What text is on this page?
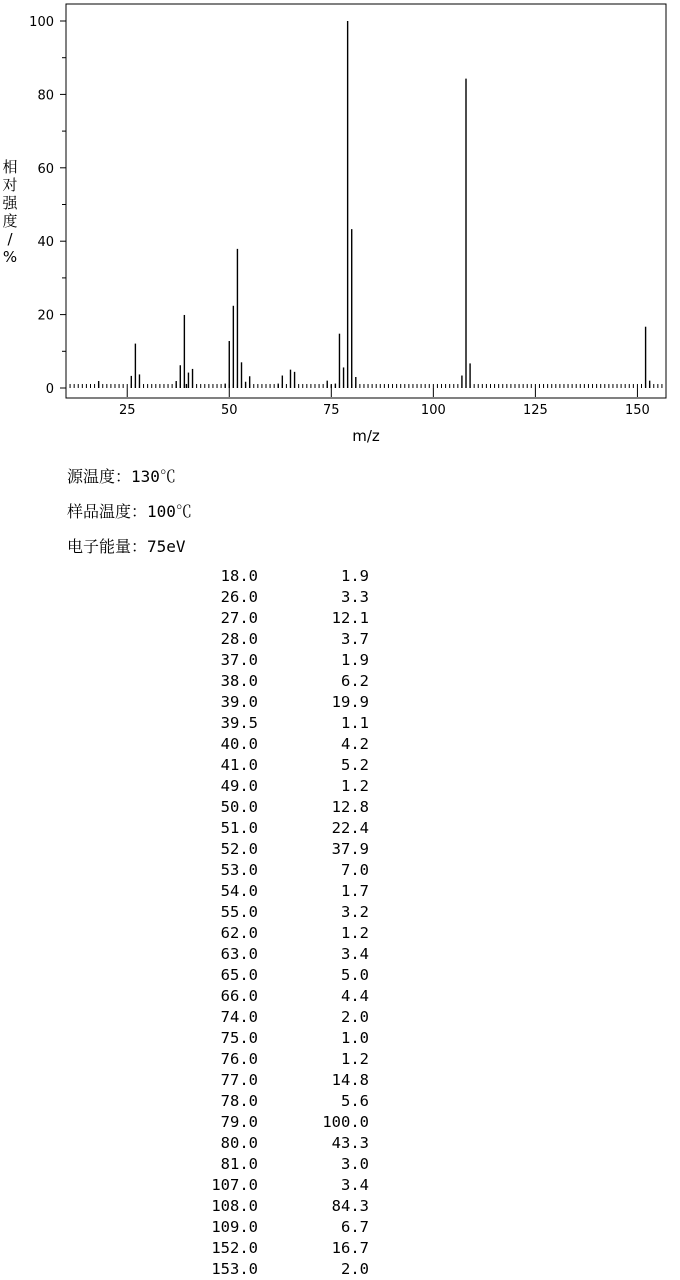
25	50	75	100	125	150
0
20
40
60
80
100
m/z
相
对
强
度
/
%
源温度：130℃
样品温度：100℃
电子能量：75eV
18.0	1.9
26.0	3.3
27.0	12.1
28.0	3.7
37.0	1.9
38.0	6.2
39.0	19.9
39.5	1.1
40.0	4.2
41.0	5.2
49.0	1.2
50.0	12.8
51.0	22.4
52.0	37.9
53.0	7.0
54.0	1.7
55.0	3.2
62.0	1.2
63.0	3.4
65.0	5.0
66.0	4.4
74.0	2.0
75.0	1.0
76.0	1.2
77.0	14.8
78.0	5.6
79.0	100.0
80.0	43.3
81.0	3.0
107.0	3.4
108.0	84.3
109.0	6.7
152.0	16.7
153.0	2.0
